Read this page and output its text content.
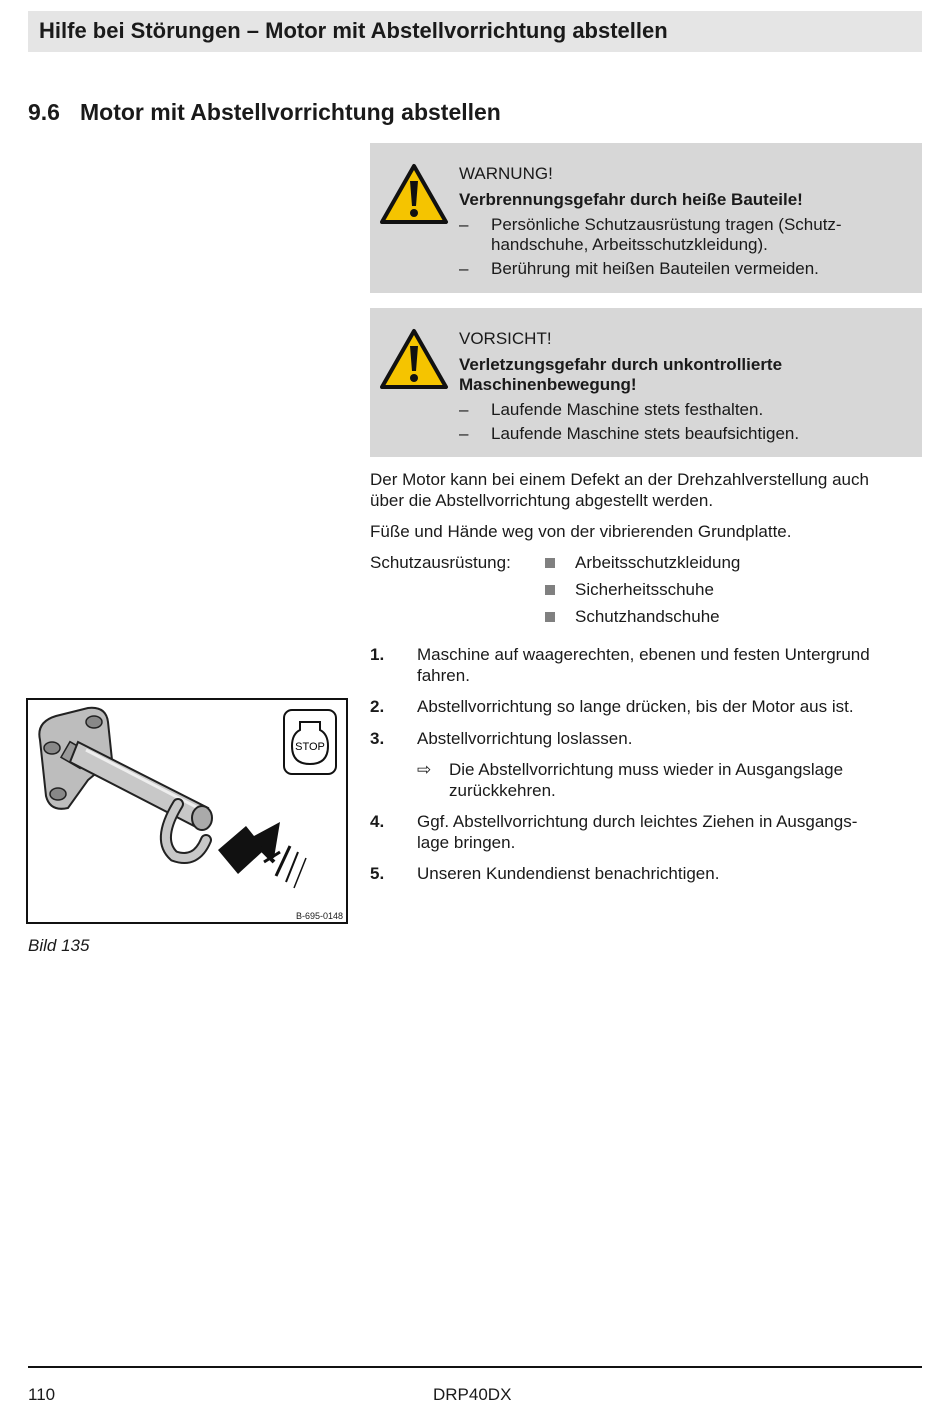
Hilfe bei Störungen – Motor mit Abstellvorrichtung abstellen
9.6 Motor mit Abstellvorrichtung abstellen
WARNUNG!
Verbrennungsgefahr durch heiße Bauteile!
– Persönliche Schutzausrüstung tragen (Schutz-
handschuhe, Arbeitsschutzkleidung).
– Berührung mit heißen Bauteilen vermeiden.
VORSICHT!
Verletzungsgefahr durch unkontrollierte
Maschinenbewegung!
– Laufende Maschine stets festhalten.
– Laufende Maschine stets beaufsichtigen.
Der Motor kann bei einem Defekt an der Drehzahlverstellung auch
über die Abstellvorrichtung abgestellt werden.
Füße und Hände weg von der vibrierenden Grundplatte.
Schutzausrüstung:	Arbeitsschutzkleidung
Sicherheitsschuhe
Schutzhandschuhe
1. Maschine auf waagerechten, ebenen und festen Untergrund
fahren.
2. Abstellvorrichtung so lange drücken, bis der Motor aus ist.
3. Abstellvorrichtung loslassen.
⇨ Die Abstellvorrichtung muss wieder in Ausgangslage
zurückkehren.
4. Ggf. Abstellvorrichtung durch leichtes Ziehen in Ausgangs-
lage bringen.
5. Unseren Kundendienst benachrichtigen.
STOP
B-695-0148
Bild 135
110	DRP40DX
